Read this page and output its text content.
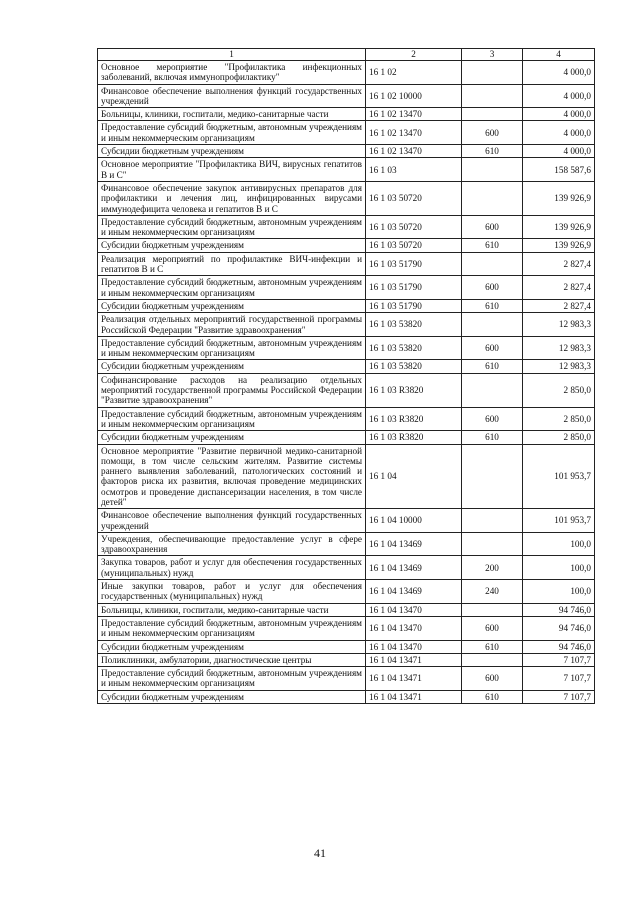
1	2	3	4
Основное мероприятие "Профилактика инфекционных заболеваний, включая иммунопрофилактику"	16 1 02		4 000,0
Финансовое обеспечение выполнения функций государственных учреждений	16 1 02 10000		4 000,0
Больницы, клиники, госпитали, медико-санитарные части	16 1 02 13470		4 000,0
Предоставление субсидий бюджетным, автономным учреждениям и иным некоммерческим организациям	16 1 02 13470	600	4 000,0
Субсидии бюджетным учреждениям	16 1 02 13470	610	4 000,0
Основное мероприятие "Профилактика ВИЧ, вирусных гепатитов В и С"	16 1 03		158 587,6
Финансовое обеспечение закупок антивирусных препаратов для профилактики и лечения лиц, инфицированных вирусами иммунодефицита человека и гепатитов В и С	16 1 03 50720		139 926,9
Предоставление субсидий бюджетным, автономным учреждениям и иным некоммерческим организациям	16 1 03 50720	600	139 926,9
Субсидии бюджетным учреждениям	16 1 03 50720	610	139 926,9
Реализация мероприятий по профилактике ВИЧ-инфекции и гепатитов В и С	16 1 03 51790		2 827,4
Предоставление субсидий бюджетным, автономным учреждениям и иным некоммерческим организациям	16 1 03 51790	600	2 827,4
Субсидии бюджетным учреждениям	16 1 03 51790	610	2 827,4
Реализация отдельных мероприятий государственной программы Российской Федерации "Развитие здравоохранения"	16 1 03 53820		12 983,3
Предоставление субсидий бюджетным, автономным учреждениям и иным некоммерческим организациям	16 1 03 53820	600	12 983,3
Субсидии бюджетным учреждениям	16 1 03 53820	610	12 983,3
Софинансирование расходов на реализацию отдельных мероприятий государственной программы Российской Федерации "Развитие здравоохранения"	16 1 03 R3820		2 850,0
Предоставление субсидий бюджетным, автономным учреждениям и иным некоммерческим организациям	16 1 03 R3820	600	2 850,0
Субсидии бюджетным учреждениям	16 1 03 R3820	610	2 850,0
Основное мероприятие "Развитие первичной медико-санитарной помощи, в том числе сельским жителям. Развитие системы раннего выявления заболеваний, патологических состояний и факторов риска их развития, включая проведение медицинских осмотров и проведение диспансеризации населения, в том числе детей"	16 1 04		101 953,7
Финансовое обеспечение выполнения функций государственных учреждений	16 1 04 10000		101 953,7
Учреждения, обеспечивающие предоставление услуг в сфере здравоохранения	16 1 04 13469		100,0
Закупка товаров, работ и услуг для обеспечения государственных (муниципальных) нужд	16 1 04 13469	200	100,0
Иные закупки товаров, работ и услуг для обеспечения государственных (муниципальных) нужд	16 1 04 13469	240	100,0
Больницы, клиники, госпитали, медико-санитарные части	16 1 04 13470		94 746,0
Предоставление субсидий бюджетным, автономным учреждениям и иным некоммерческим организациям	16 1 04 13470	600	94 746,0
Субсидии бюджетным учреждениям	16 1 04 13470	610	94 746,0
Поликлиники, амбулатории, диагностические центры	16 1 04 13471		7 107,7
Предоставление субсидий бюджетным, автономным учреждениям и иным некоммерческим организациям	16 1 04 13471	600	7 107,7
Субсидии бюджетным учреждениям	16 1 04 13471	610	7 107,7
41
